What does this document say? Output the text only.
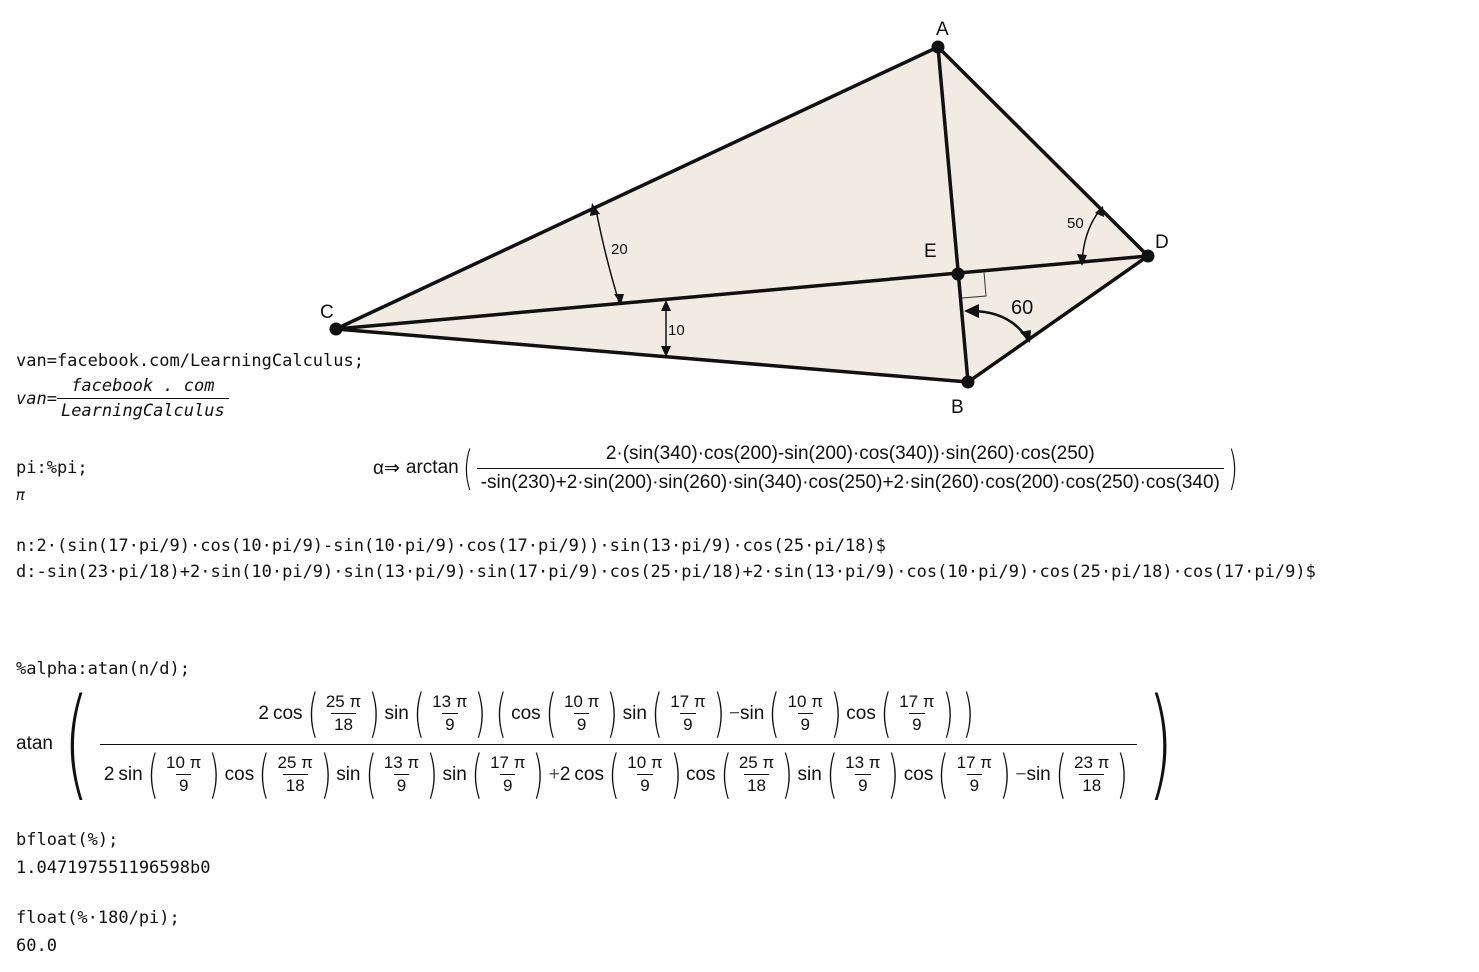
A
D
B
C
E
20
10
50
60
van=facebook.com/LearningCalculus;
$van= \frac{\text{facebook . com}}{\text{LearningCalculus}}$
pi:%pi;
π
α⇒ arctan (	2·(sin(340)·cos(200)-sin(200)·cos(340))·sin(260)·cos(250)
-sin(230)+2·sin(200)·sin(260)·sin(340)·cos(250)+2·sin(260)·cos(200)·cos(250)·cos(340) )
n:2·(sin(17·pi/9)·cos(10·pi/9)-sin(10·pi/9)·cos(17·pi/9))·sin(13·pi/9)·cos(25·pi/18)$
d:-sin(23·pi/18)+2·sin(10·pi/9)·sin(13·pi/9)·sin(17·pi/9)·cos(25·pi/18)+2·sin(13·pi/9)·cos(10·pi/9)·cos(25·pi/18)·cos(17·pi/9)$
%alpha:atan(n/d);
atan (	2
cos ( $\frac{25 \pi}{18}$ ) sin ( $\frac{13 \pi}{9}$ ) ( cos ( $\frac{10 \pi}{9}$ ) sin ( $\frac{17 \pi}{9}$ ) − sin ( $\frac{10 \pi}{9}$ ) cos ( $\frac{17 \pi}{9}$ ) )
2
sin ( $\frac{10 \pi}{9}$ ) cos ( $\frac{25 \pi}{18}$ ) sin ( $\frac{13 \pi}{9}$ ) sin ( $\frac{17 \pi}{9}$ ) + 2
cos ( $\frac{10 \pi}{9}$ ) cos ( $\frac{25 \pi}{18}$ ) sin ( $\frac{13 \pi}{9}$ ) cos ( $\frac{17 \pi}{9}$ ) − sin ( $\frac{23 \pi}{18}$ ) )
bfloat(%);
1.047197551196598b0
float(%·180/pi);
60.0
